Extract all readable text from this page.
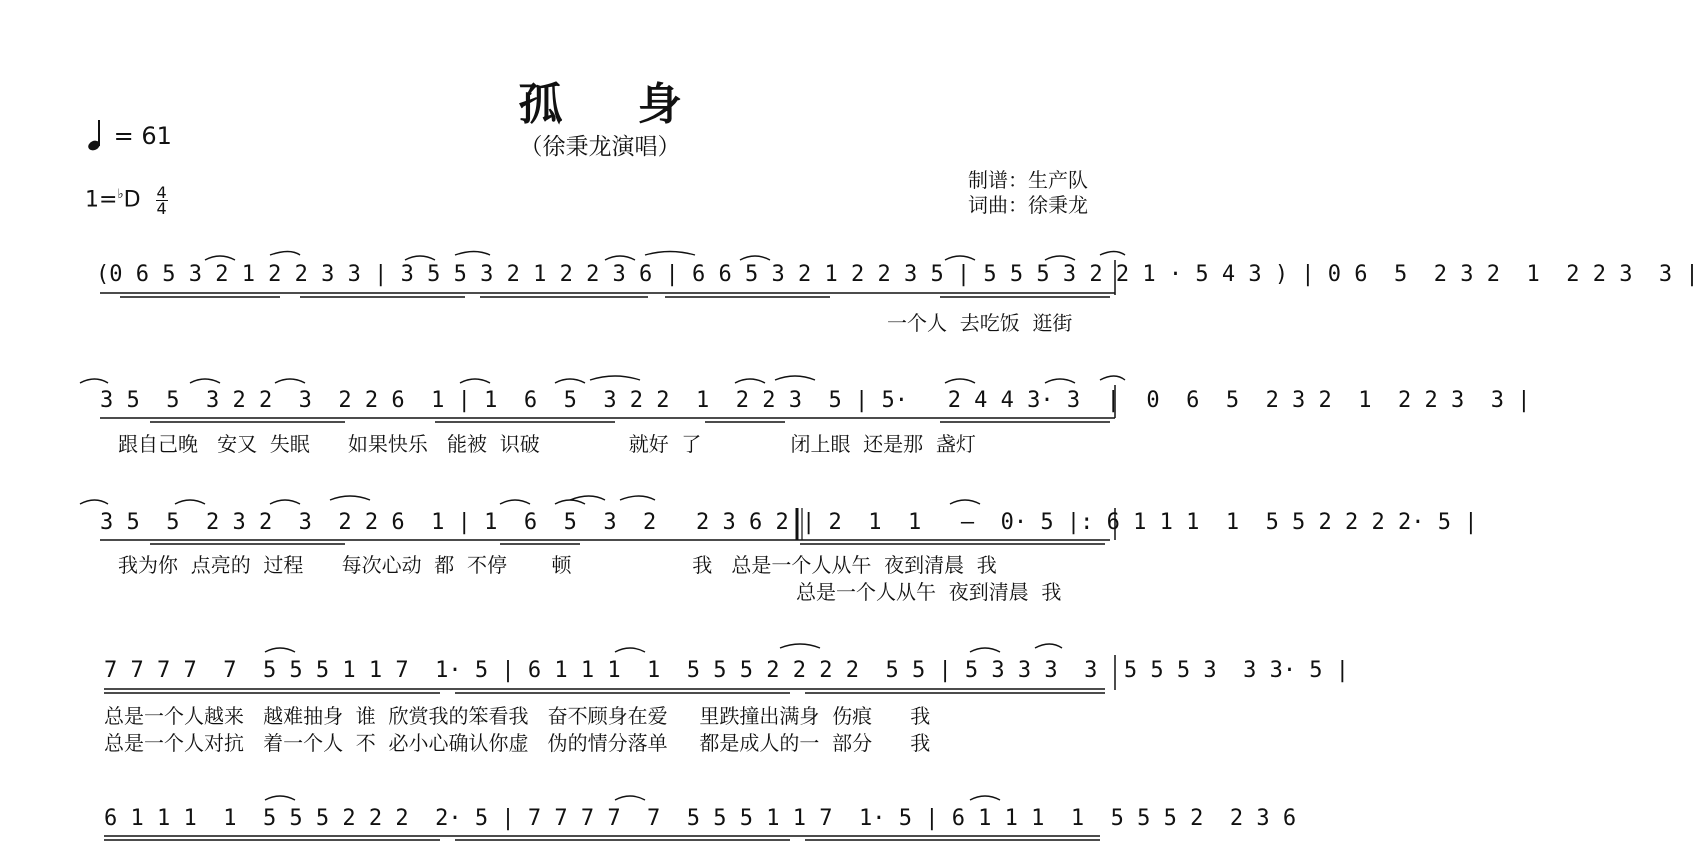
孤 身
（徐秉龙演唱）
= 61
$1=^♭D \frac{4}{4}$
制谱：生产队
词曲：徐秉龙
(0 6 5 3 2 1 2 2 3 3 | 3 5 5 3 2 1 2 2 3 6 | 6 6 5 3 2 1 2 2 3 5 | 5 5 5 3 2 2 1 · 5 4 3 ) | 0 6  5  2 3 2  1  2 2 3  3 |
一个人  去吃饭  逛街
3 5  5  3 2 2  3  2 2 6  1 | 1  6  5  3 2 2  1  2 2 3  5 | 5·   2 4 4 3· 3  |  0  6  5  2 3 2  1  2 2 3  3 |
跟自己晚   安又  失眠      如果快乐   能被  识破              就好  了              闭上眼  还是那  盏灯
3 5  5  2 3 2  3  2 2 6  1 | 1  6  5  3  2   2 3 6 2 | 2  1  1   —  0· 5 |: 6 1 1 1  1  5 5 2 2 2 2· 5 |
我为你  点亮的  过程      每次心动  都  不停       顿                   我   总是一个人从午  夜到清晨  我
总是一个人从午  夜到清晨  我
7 7 7 7  7  5 5 5 1 1 7  1· 5 | 6 1 1 1  1  5 5 5 2 2 2 2  5 5 | 5 3 3 3  3  5 5 5 3  3 3· 5 |
总是一个人越来   越难抽身  谁  欣赏我的笨看我   奋不顾身在爱     里跌撞出满身  伤痕      我
总是一个人对抗   着一个人  不  必小心确认你虚   伪的情分落单     都是成人的一  部分      我
6 1 1 1  1  5 5 5 2 2 2  2· 5 | 7 7 7 7  7  5 5 5 1 1 7  1· 5 | 6 1 1 1  1  5 5 5 2  2 3 6
